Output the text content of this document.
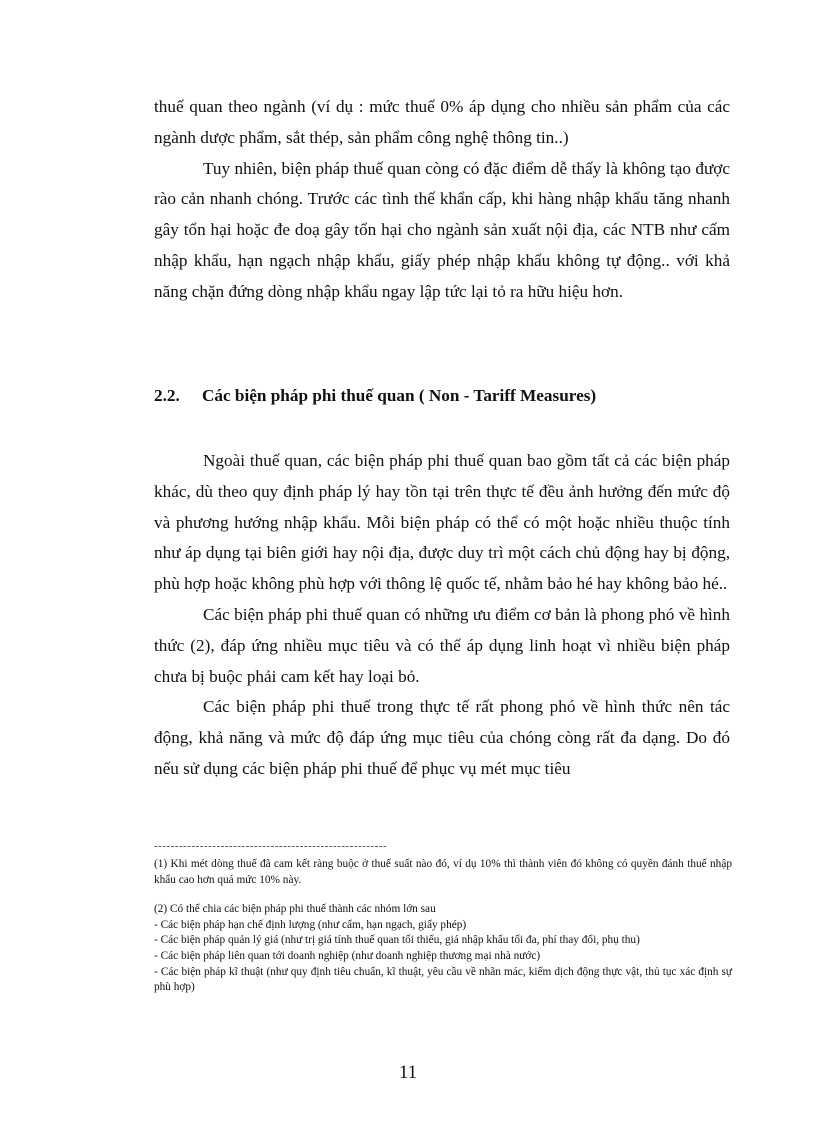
thuế quan theo ngành (ví dụ : mức thuế 0% áp dụng cho nhiều sản phẩm của các ngành dược phẩm, sắt thép, sản phẩm công nghệ thông tin..)

Tuy nhiên, biện pháp thuế quan còng có đặc điểm dễ thấy là không tạo được rào cản nhanh chóng. Trước các tình thế khẩn cấp, khi hàng nhập khẩu tăng nhanh gây tổn hại hoặc đe doạ gây tổn hại cho ngành sản xuất nội địa, các NTB như cấm nhập khẩu, hạn ngạch nhập khẩu, giấy phép nhập khẩu không tự động.. với khả năng chặn đứng dòng nhập khẩu ngay lập tức lại tỏ ra hữu hiệu hơn.

2.2. Các biện pháp phi thuế quan ( Non - Tariff Measures)

Ngoài thuế quan, các biện pháp phi thuế quan bao gồm tất cả các biện pháp khác, dù theo quy định pháp lý hay tồn tại trên thực tế đều ảnh hưởng đến mức độ và phương hướng nhập khẩu. Mỗi biện pháp có thể có một hoặc nhiều thuộc tính như áp dụng tại biên giới hay nội địa, được duy trì một cách chủ động hay bị động, phù hợp hoặc không phù hợp với thông lệ quốc tế, nhằm bảo hé hay không bảo hé..

Các biện pháp phi thuế quan có những ưu điểm cơ bản là phong phó về hình thức (2), đáp ứng nhiều mục tiêu và có thể áp dụng linh hoạt vì nhiều biện pháp chưa bị buộc phải cam kết hay loại bỏ.

Các biện pháp phi thuế trong thực tế rất phong phó về hình thức nên tác động, khả năng và mức độ đáp ứng mục tiêu của chóng còng rất đa dạng. Do đó nếu sử dụng các biện pháp phi thuế để phục vụ mét mục tiêu

--------------------------------------------------------

(1) Khi mét dòng thuế đã cam kết ràng buộc ở thuế suất nào đó, ví dụ 10% thì thành viên đó không có quyền đánh thuế nhập khẩu cao hơn quá mức 10% này.

(2) Có thể chia các biện pháp phi thuế thành các nhóm lớn sau

- Các biện pháp hạn chế định lượng (như cấm, hạn ngạch, giấy phép)

- Các biện pháp quản lý giá (như trị giá tính thuế quan tối thiểu, giá nhập khẩu tối đa, phí thay đổi, phụ thu)

- Các biện pháp liên quan tới doanh nghiệp (như doanh nghiệp thương mại nhà nước)

- Các biện pháp kĩ thuật (như quy định tiêu chuẩn, kĩ thuật, yêu cầu về nhãn mác, kiểm dịch động thực vật, thủ tục xác định sự phù hợp)

11
